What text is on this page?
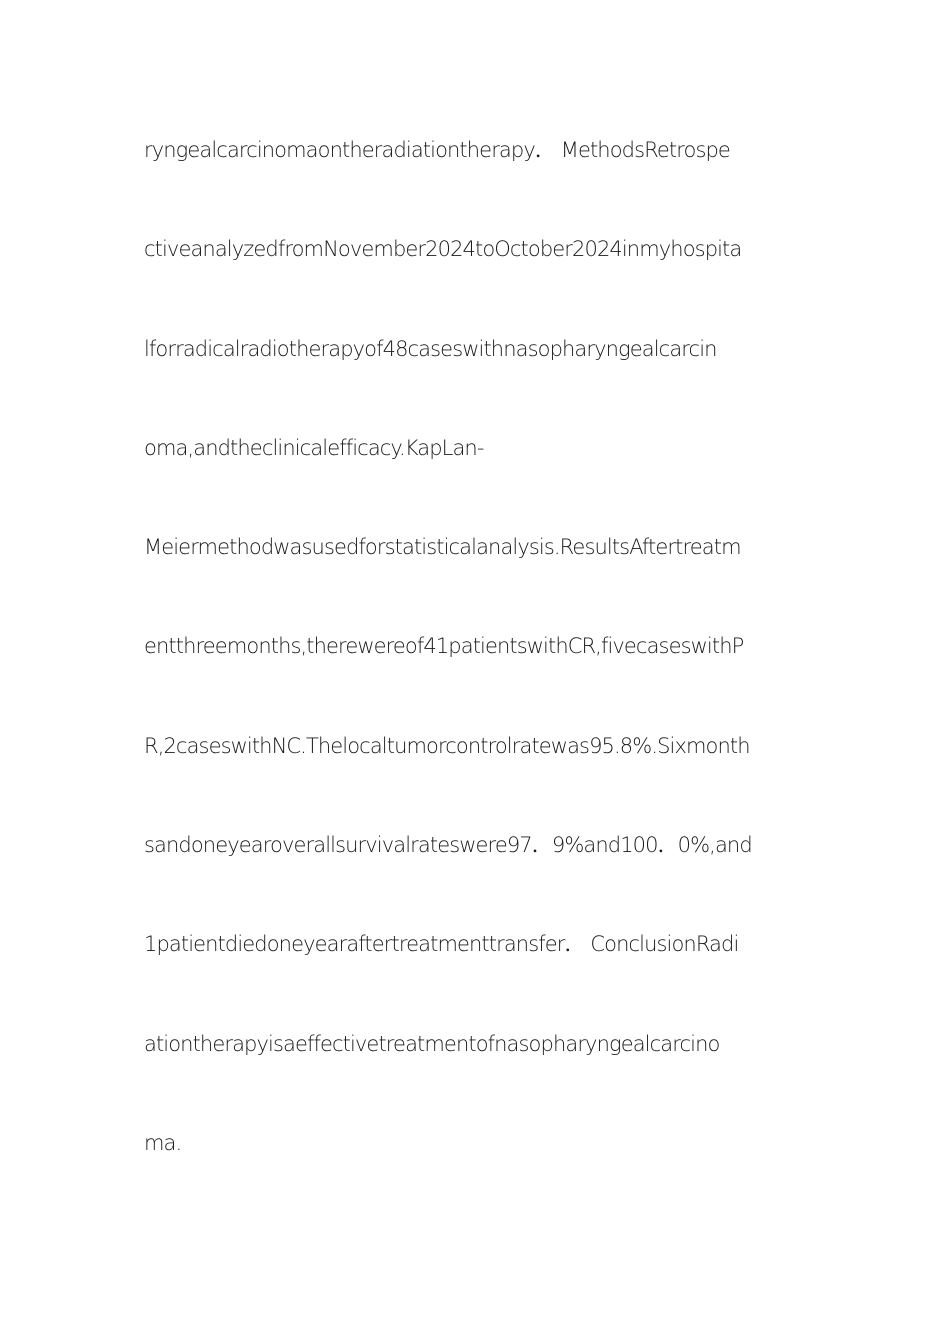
ryngealcarcinomaontheradiationtherapy． MethodsRetrospe
ctiveanalyzedfromNovember2024toOctober2024inmyhospita
lforradicalradiotherapyof48caseswithnasopharyngealcarcin
oma,andtheclinicalefficacy.KapLan-
Meiermethodwasusedforstatisticalanalysis.ResultsAftertreatm
entthreemonths,therewereof41patientswithCR,fivecaseswithP
R,2caseswithNC.Thelocaltumorcontrolratewas95.8%.Sixmonth
sandoneyearoverallsurvivalrateswere97．9%and100．0%,and
1patientdiedoneyearaftertreatmenttransfer． ConclusionRadi
ationtherapyisaeffectivetreatmentofnasopharyngealcarcino
ma.
